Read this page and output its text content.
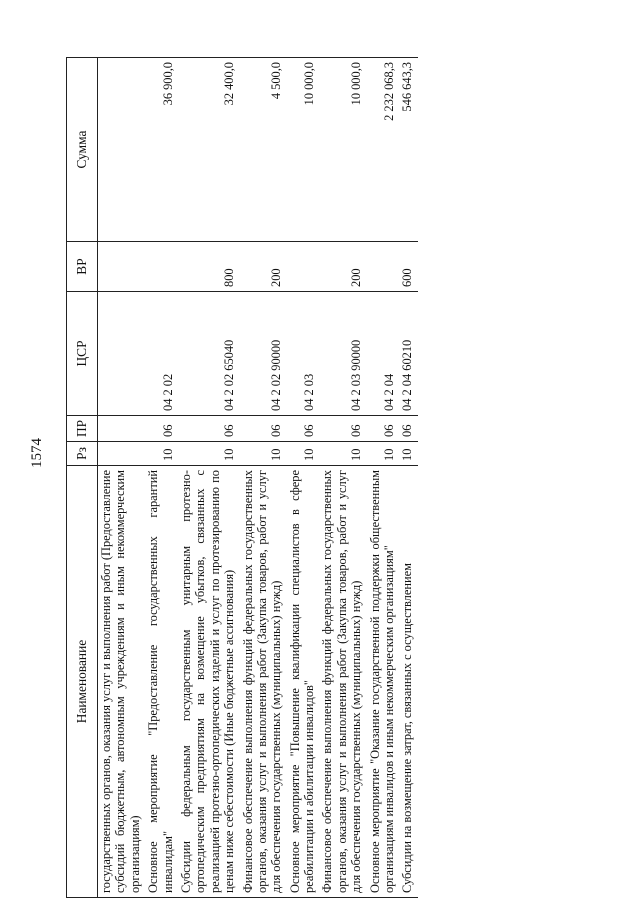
1574
Наименование	Рз	ПР	ЦСР	ВР	Сумма
государственных органов, оказания услуг и выполнения работ (Предоставление субсидий бюджетным, автономным учреждениям и иным некоммерческим организациям)					
Основное мероприятие "Предоставление государственных гарантий инвалидам"	10	06	04 2 02		36 900,0
Субсидии федеральным государственным унитарным протезно-ортопедическим предприятиям на возмещение убытков, связанных с реализацией протезно-ортопедических изделий и услуг по протезированию по ценам ниже себестоимости (Иные бюджетные ассигнования)	10	06	04 2 02 65040	800	32 400,0
Финансовое обеспечение выполнения функций федеральных государственных органов, оказания услуг и выполнения работ (Закупка товаров, работ и услуг для обеспечения государственных (муниципальных) нужд)	10	06	04 2 02 90000	200	4 500,0
Основное мероприятие "Повышение квалификации специалистов в сфере реабилитации и абилитации инвалидов"	10	06	04 2 03		10 000,0
Финансовое обеспечение выполнения функций федеральных государственных органов, оказания услуг и выполнения работ (Закупка товаров, работ и услуг для обеспечения государственных (муниципальных) нужд)	10	06	04 2 03 90000	200	10 000,0
Основное мероприятие "Оказание государственной поддержки общественным организациям инвалидов и иным некоммерческим организациям"	10	06	04 2 04		2 232 068,3
Субсидии на возмещение затрат, связанных с осуществлением	10	06	04 2 04 60210	600	546 643,3
